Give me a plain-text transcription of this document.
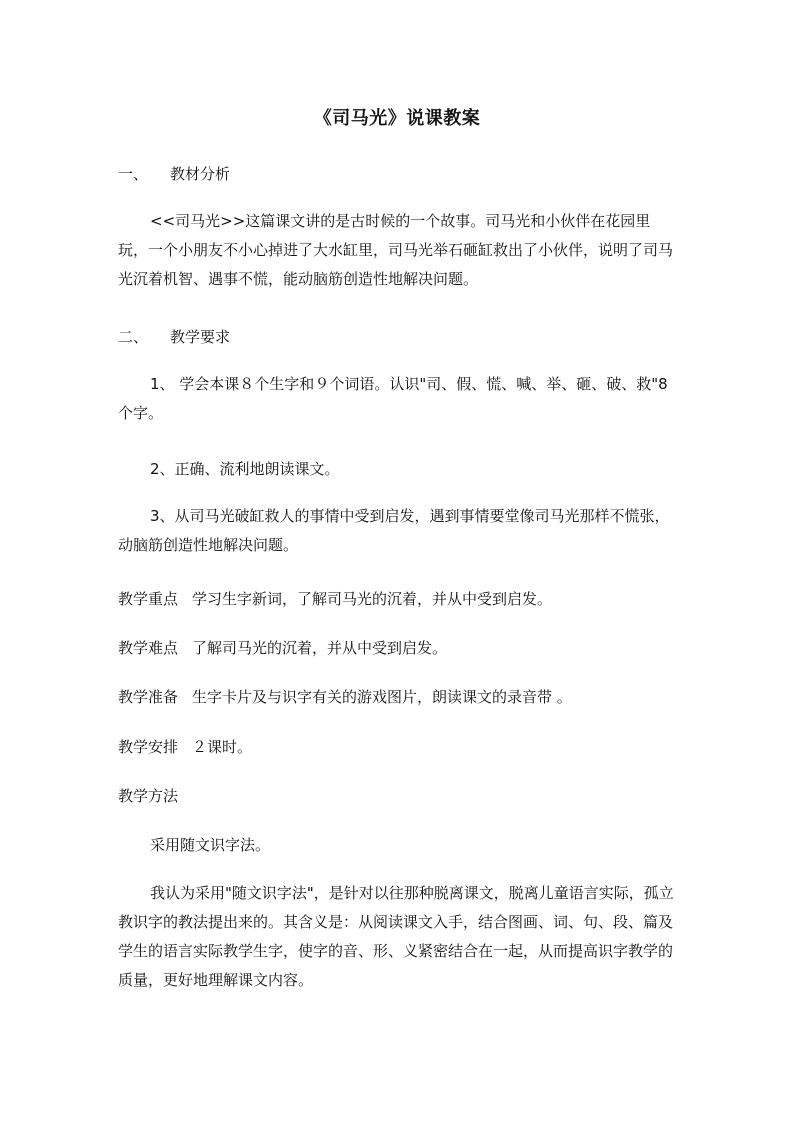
《司马光》说课教案
一、 教材分析
<<司马光>>这篇课文讲的是古时候的一个故事。司马光和小伙伴在花园里玩，一个小朋友不小心掉进了大水缸里，司马光举石砸缸救出了小伙伴，说明了司马光沉着机智、遇事不慌，能动脑筋创造性地解决问题。
二、 教学要求
1、 学会本课８个生字和９个词语。认识"司、假、慌、喊、举、砸、破、救"8个字。
2、正确、流利地朗读课文。
3、从司马光破缸救人的事情中受到启发，遇到事情要堂像司马光那样不慌张，动脑筋创造性地解决问题。
教学重点 学习生字新词，了解司马光的沉着，并从中受到启发。
教学难点 了解司马光的沉着，并从中受到启发。
教学准备 生字卡片及与识字有关的游戏图片，朗读课文的录音带 。
教学安排 ２课时。
教学方法
采用随文识字法。
我认为采用"随文识字法"，是针对以往那种脱离课文，脱离儿童语言实际，孤立教识字的教法提出来的。其含义是：从阅读课文入手，结合图画、词、句、段、篇及学生的语言实际教学生字，使字的音、形、义紧密结合在一起，从而提高识字教学的质量，更好地理解课文内容。
